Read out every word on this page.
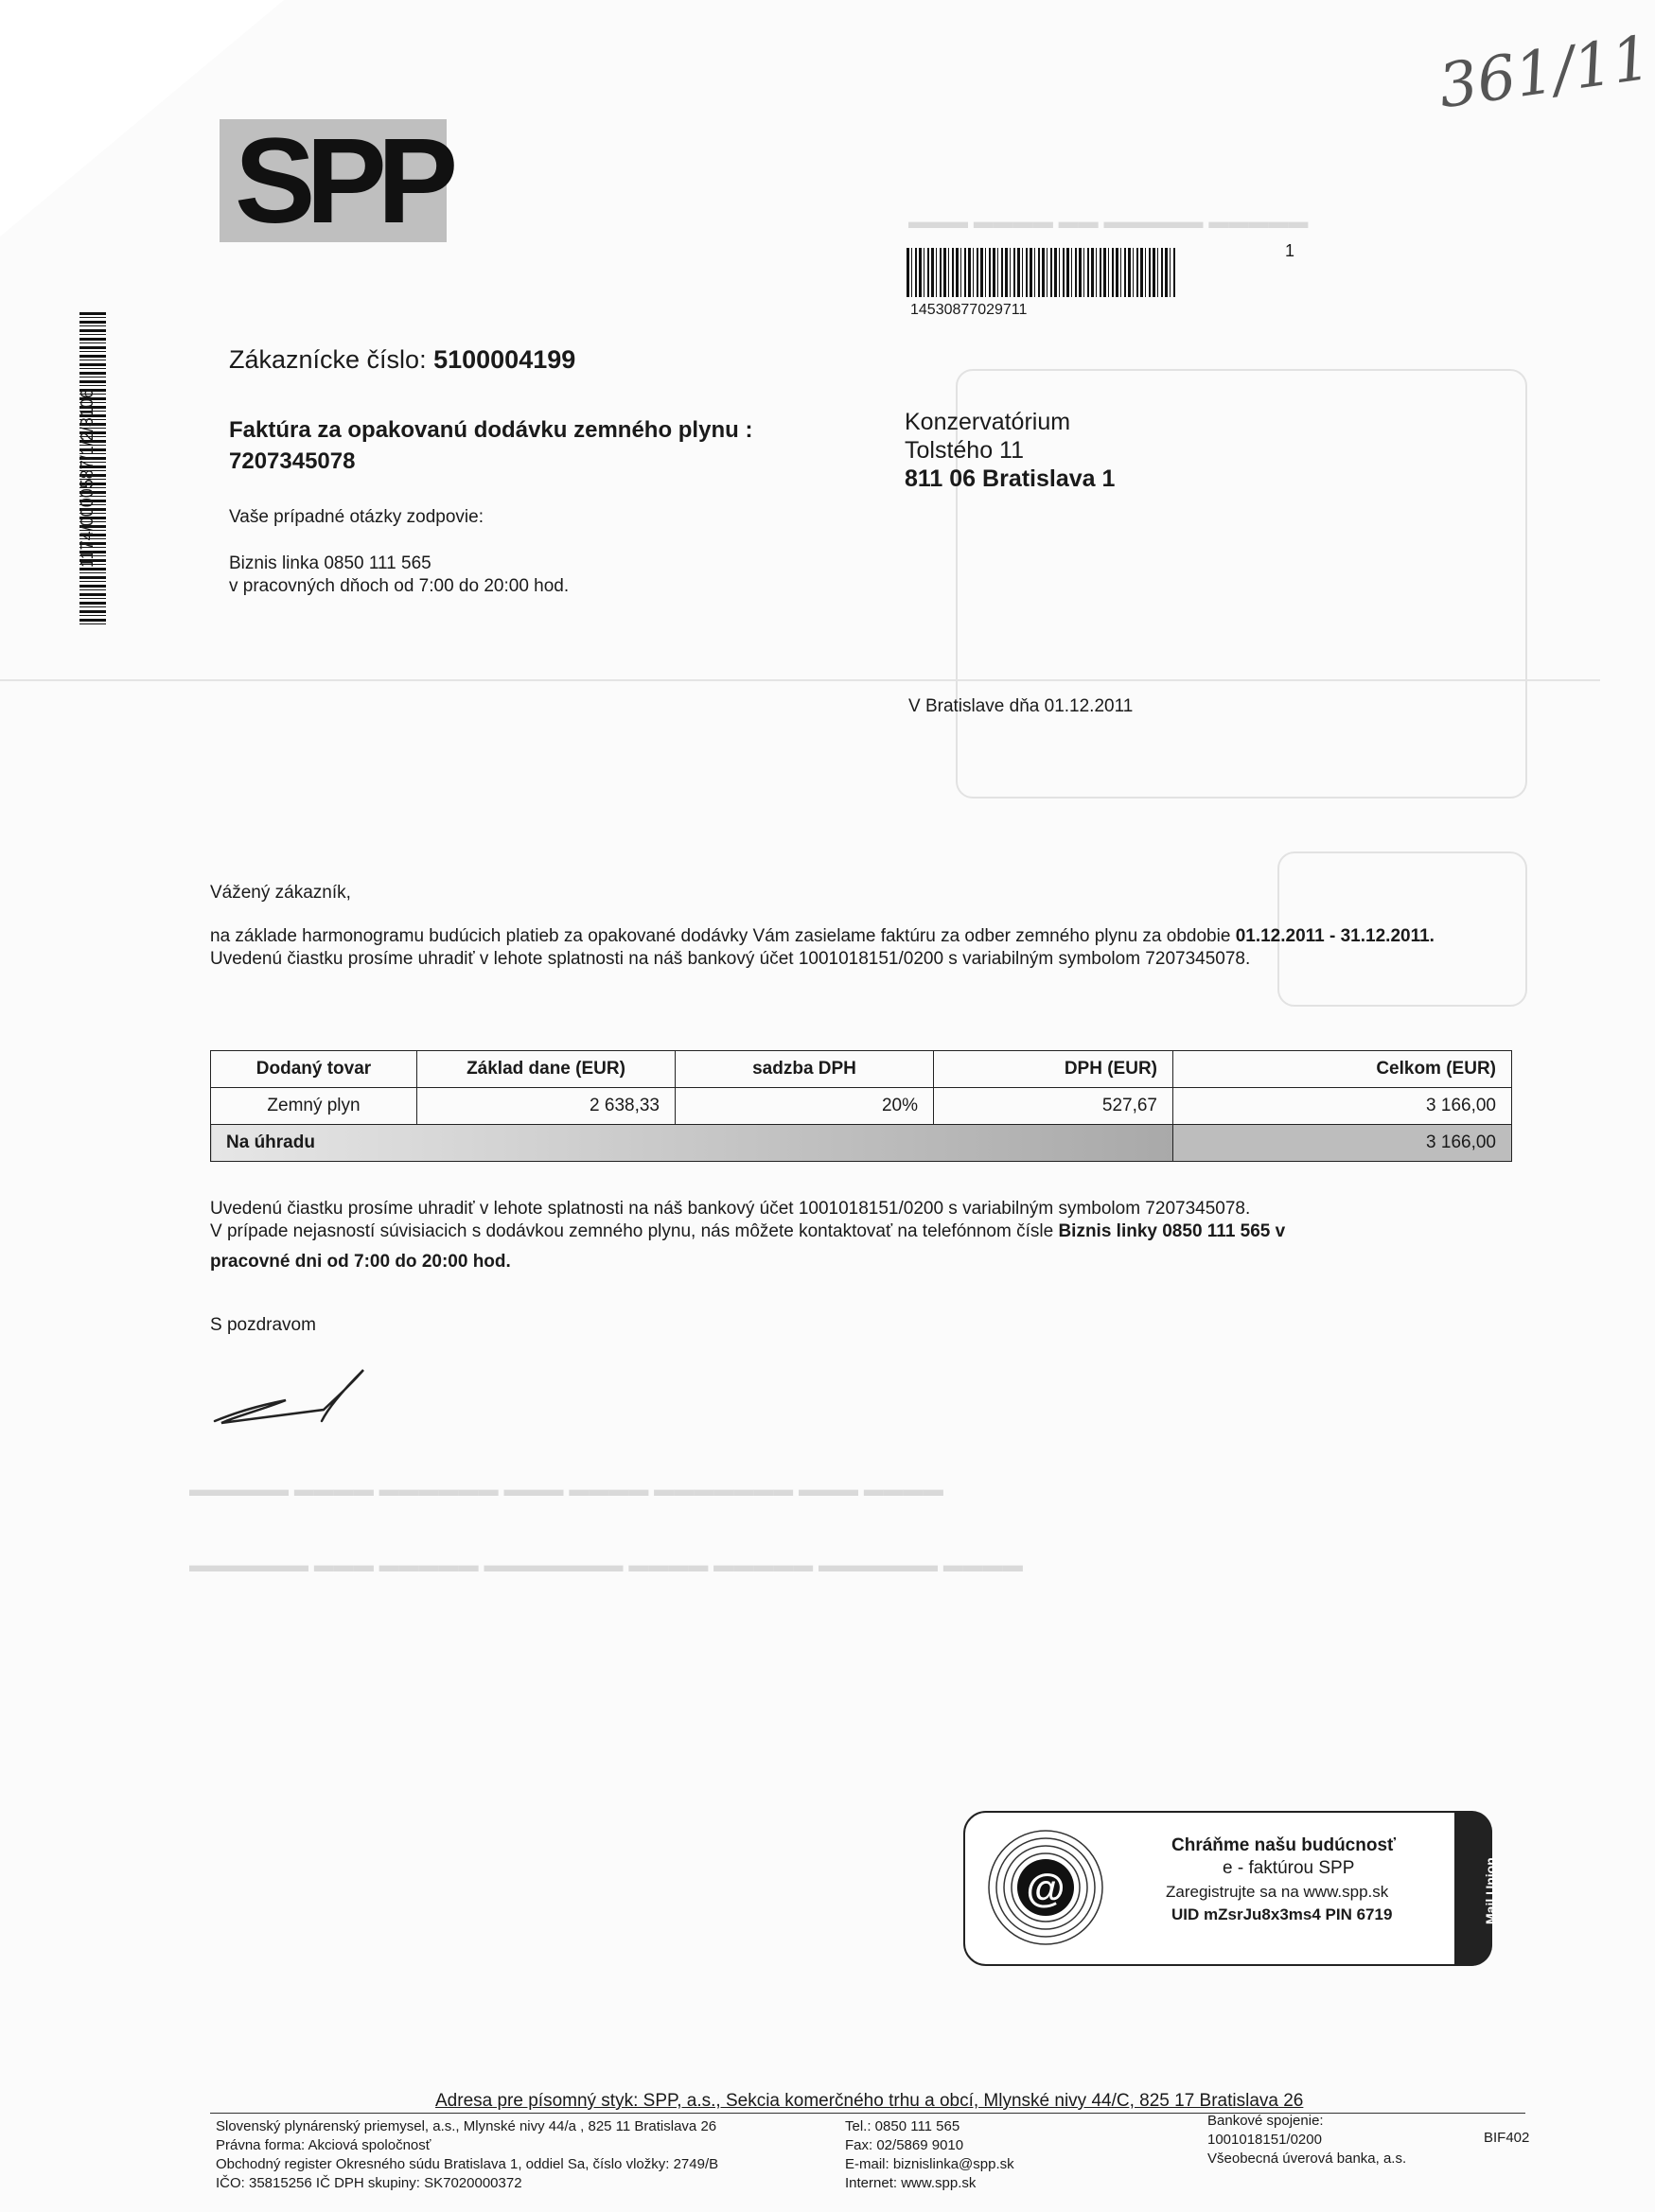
▬▬▬ ▬▬▬▬ ▬▬ ▬▬▬▬▬ ▬▬▬▬▬
▬▬▬▬▬ ▬▬▬▬ ▬▬▬▬▬▬ ▬▬▬ ▬▬▬▬ ▬▬▬▬▬▬▬ ▬▬▬ ▬▬▬▬
▬▬▬▬▬▬ ▬▬▬ ▬▬▬▬▬ ▬▬▬▬▬▬▬ ▬▬▬▬ ▬▬▬▬▬ ▬▬▬▬▬▬ ▬▬▬▬
361/11
SPP
1174/0000587/1/2/3106
1
14530877029711
Zákaznícke číslo: 5100004199
Faktúra za opakovanú dodávku zemného plynu :
7207345078
Vaše prípadné otázky zodpovie:
Biznis linka 0850 111 565
v pracovných dňoch od 7:00 do 20:00 hod.
Konzervatórium
Tolstého 11
811 06 Bratislava 1
V Bratislave dňa 01.12.2011
Vážený zákazník,
na základe harmonogramu budúcich platieb za opakované dodávky Vám zasielame faktúru za odber zemného plynu za obdobie 01.12.2011 - 31.12.2011.
Uvedenú čiastku prosíme uhradiť v lehote splatnosti na náš bankový účet 1001018151/0200 s variabilným symbolom 7207345078.
Dodaný tovar	Základ dane (EUR)	sadzba DPH	DPH (EUR)	Celkom (EUR)
Zemný plyn	2 638,33	20%	527,67	3 166,00
Na úhradu				3 166,00
Uvedenú čiastku prosíme uhradiť v lehote splatnosti na náš bankový účet 1001018151/0200 s variabilným symbolom 7207345078.
V prípade nejasností súvisiacich s dodávkou zemného plynu, nás môžete kontaktovať na telefónnom čísle Biznis linky 0850 111 565 v
pracovné dni od 7:00 do 20:00 hod.
S pozdravom
@
Chráňme našu budúcnosť
e - faktúrou SPP
Zaregistrujte sa na www.spp.sk
UID mZsrJu8x3ms4 PIN 6719	Mail Union
Adresa pre písomný styk: SPP, a.s., Sekcia komerčného trhu a obcí, Mlynské nivy 44/C, 825 17 Bratislava 26
Slovenský plynárenský priemysel, a.s., Mlynské nivy 44/a , 825 11 Bratislava 26
Právna forma: Akciová spoločnosť
Obchodný register Okresného súdu Bratislava 1, oddiel Sa, číslo vložky: 2749/B
IČO: 35815256 IČ DPH skupiny: SK7020000372
Tel.: 0850 111 565
Fax: 02/5869 9010
E-mail: biznislinka@spp.sk
Internet: www.spp.sk
Bankové spojenie:
1001018151/0200
Všeobecná úverová banka, a.s.
BIF402
